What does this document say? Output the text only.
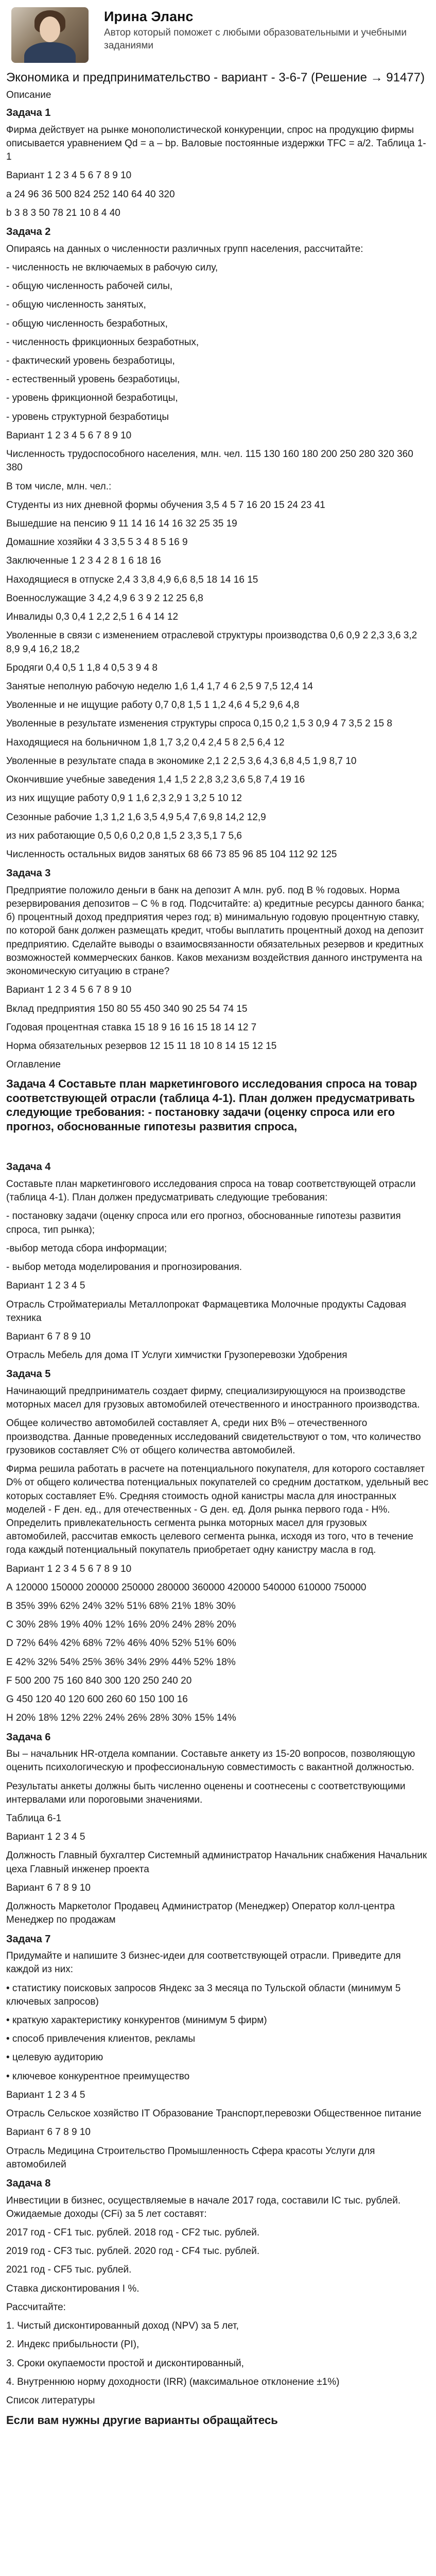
Ирина Эланс
Автор который поможет с любыми образовательными и учебными заданиями
Экономика и предпринимательство - вариант - 3-6-7 (Решение → 91477)
Описание
Задача 1

Фирма действует на рынке монополистической конкуренции, спрос на продукцию фирмы описывается уравнением Qd = a – bp. Валовые постоянные издержки TFC = a/2. Таблица 1-1

Вариант 1 2 3 4 5 6 7 8 9 10

a 24 96 36 500 824 252 140 64 40 320

b 3 8 3 50 78 21 10 8 4 40

Задача 2

Опираясь на данных о численности различных групп населения, рассчитайте:

- численность не включаемых в рабочую силу,

- общую численность рабочей силы,

- общую численность занятых,

- общую численность безработных,

- численность фрикционных безработных,

- фактический уровень безработицы,

- естественный уровень безработицы,

- уровень фрикционной безработицы,

- уровень структурной безработицы

Вариант 1 2 3 4 5 6 7 8 9 10

Численность трудоспособного населения, млн. чел. 115 130 160 180 200 250 280 320 360 380

В том числе, млн. чел.:

Студенты из них дневной формы обучения 3,5 4 5 7 16 20 15 24 23 41

Вышедшие на пенсию 9 11 14 16 14 16 32 25 35 19

Домашние хозяйки 4 3 3,5 5 3 4 8 5 16 9

Заключенные 1 2 3 4 2 8 1 6 18 16

Находящиеся в отпуске 2,4 3 3,8 4,9 6,6 8,5 18 14 16 15

Военнослужащие 3 4,2 4,9 6 3 9 2 12 25 6,8

Инвалиды 0,3 0,4 1 2,2 2,5 1 6 4 14 12

Уволенные в связи с изменением отраслевой структуры производства 0,6 0,9 2 2,3 3,6 3,2 8,9 9,4 16,2 18,2

Бродяги 0,4 0,5 1 1,8 4 0,5 3 9 4 8

Занятые неполную рабочую неделю 1,6 1,4 1,7 4 6 2,5 9 7,5 12,4 14

Уволенные и не ищущие работу 0,7 0,8 1,5 1 1,2 4,6 4 5,2 9,6 4,8

Уволенные в результате изменения структуры спроса 0,15 0,2 1,5 3 0,9 4 7 3,5 2 15 8

Находящиеся на больничном 1,8 1,7 3,2 0,4 2,4 5 8 2,5 6,4 12

Уволенные в результате спада в экономике 2,1 2 2,5 3,6 4,3 6,8 4,5 1,9 8,7 10

Окончившие учебные заведения 1,4 1,5 2 2,8 3,2 3,6 5,8 7,4 19 16

из них ищущие работу 0,9 1 1,6 2,3 2,9 1 3,2 5 10 12

Сезонные рабочие 1,3 1,2 1,6 3,5 4,9 5,4 7,6 9,8 14,2 12,9

из них работающие 0,5 0,6 0,2 0,8 1,5 2 3,3 5,1 7 5,6

Численность остальных видов занятых 68 66 73 85 96 85 104 112 92 125

Задача 3

Предприятие положило деньги в банк на депозит А млн. руб. под В % годовых. Норма резервирования депозитов – С % в год. Подсчитайте: а) кредитные ресурсы данного банка; б) процентный доход предприятия через год; в) минимальную годовую процентную ставку, по которой банк должен размещать кредит, чтобы выплатить процентный доход на депозит предприятию. Сделайте выводы о взаимосвязанности обязательных резервов и кредитных возможностей коммерческих банков. Каков механизм воздействия данного инструмента на экономическую ситуацию в стране?

Вариант 1 2 3 4 5 6 7 8 9 10

Вклад предприятия 150 80 55 450 340 90 25 54 74 15

Годовая процентная ставка 15 18 9 16 16 15 18 14 12 7

Норма обязательных резервов 12 15 11 18 10 8 14 15 12 15

Оглавление
Задача 4 Составьте план маркетингового исследования спроса на товар соответствующей отрасли (таблица 4-1). План должен предусматривать следующие требования: - постановку задачи (оценку спроса или его прогноз, обоснованные гипотезы развития спроса,
Задача 4

Составьте план маркетингового исследования спроса на товар соответствующей отрасли (таблица 4-1). План должен предусматривать следующие требования:

- постановку задачи (оценку спроса или его прогноз, обоснованные гипотезы развития спроса, тип рынка);

-выбор метода сбора информации;

- выбор метода моделирования и прогнозирования.

Вариант 1 2 3 4 5

Отрасль Стройматериалы Металлопрокат Фармацевтика Молочные продукты Садовая техника

Вариант 6 7 8 9 10

Отрасль Мебель для дома IT Услуги химчистки Грузоперевозки Удобрения

Задача 5

Начинающий предприниматель создает фирму, специализирующуюся на производстве моторных масел для грузовых автомобилей отечественного и иностранного производства.

Общее количество автомобилей составляет А, среди них В% – отечественного производства. Данные проведенных исследований свидетельствуют о том, что количество грузовиков составляет C% от общего количества автомобилей.

Фирма решила работать в расчете на потенциального покупателя, для которого составляет D% от общего количества потенциальных покупателей со средним достатком, удельный вес которых составляет Е%. Средняя стоимость одной канистры масла для иностранных моделей - F ден. ед., для отечественных - G ден. ед. Доля рынка первого года - Н%. Определить привлекательность сегмента рынка моторных масел для грузовых автомобилей, рассчитав емкость целевого сегмента рынка, исходя из того, что в течение года каждый потенциальный покупатель приобретает одну канистру масла в год.

Вариант 1 2 3 4 5 6 7 8 9 10

А 120000 150000 200000 250000 280000 360000 420000 540000 610000 750000

В 35% 39% 62% 24% 32% 51% 68% 21% 18% 30%

С 30% 28% 19% 40% 12% 16% 20% 24% 28% 20%

D 72% 64% 42% 68% 72% 46% 40% 52% 51% 60%

E 42% 32% 54% 25% 36% 34% 29% 44% 52% 18%

F 500 200 75 160 840 300 120 250 240 20

G 450 120 40 120 600 260 60 150 100 16

H 20% 18% 12% 22% 24% 26% 28% 30% 15% 14%

Задача 6

Вы – начальник HR-отдела компании. Составьте анкету из 15-20 вопросов, позволяющую оценить психологическую и профессиональную совместимость с вакантной должностью.

Результаты анкеты должны быть численно оценены и соотнесены с соответствующими интервалами или пороговыми значениями.

Таблица 6-1

Вариант 1 2 3 4 5

Должность Главный бухгалтер Системный администратор Начальник снабжения Начальник цеха Главный инженер проекта

Вариант 6 7 8 9 10

Должность Маркетолог Продавец Администратор (Менеджер) Оператор колл-центра Менеджер по продажам

Задача 7

Придумайте и напишите 3 бизнес-идеи для соответствующей отрасли. Приведите для каждой из них:

• статистику поисковых запросов Яндекс за 3 месяца по Тульской области (минимум 5 ключевых запросов)

• краткую характеристику конкурентов (минимум 5 фирм)

• способ привлечения клиентов, рекламы

• целевую аудиторию

• ключевое конкурентное преимущество

Вариант 1 2 3 4 5

Отрасль Сельское хозяйство IT Образование Транспорт,перевозки Общественное питание

Вариант 6 7 8 9 10

Отрасль Медицина Строительство Промышленность Сфера красоты Услуги для автомобилей

Задача 8

Инвестиции в бизнес, осуществляемые в начале 2017 года, составили IC тыс. рублей. Ожидаемые доходы (CFi) за 5 лет составят:

2017 год - CF1 тыс. рублей. 2018 год - CF2 тыс. рублей.

2019 год - CF3 тыс. рублей. 2020 год - CF4 тыс. рублей.

2021 год - CF5 тыс. рублей.

Ставка дисконтирования I %.

Рассчитайте:

1. Чистый дисконтированный доход (NPV) за 5 лет,

2. Индекс прибыльности (PI),

3. Сроки окупаемости простой и дисконтированный,

4. Внутреннюю норму доходности (IRR) (максимальное отклонение ±1%)

Список литературы
Если вам нужны другие варианты обращайтесь
